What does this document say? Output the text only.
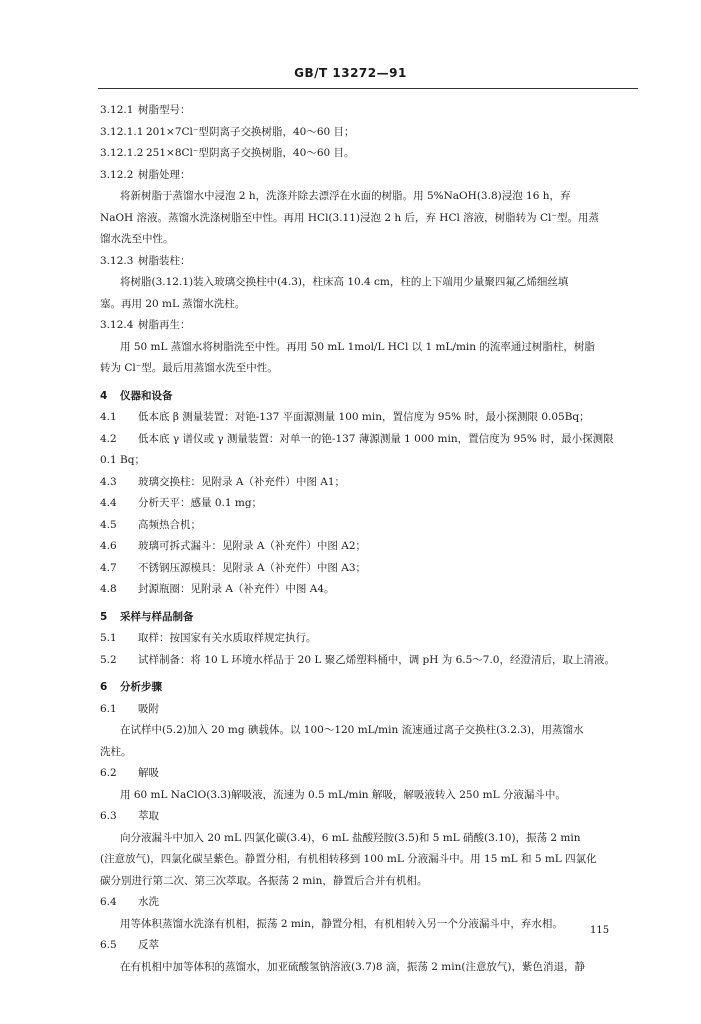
GB/T 13272—91
3.12.1 树脂型号：
3.12.1.1 201×7Cl⁻型阴离子交换树脂，40～60 目；
3.12.1.2 251×8Cl⁻型阴离子交换树脂，40～60 目。
3.12.2 树脂处理：
将新树脂于蒸馏水中浸泡 2 h，洗涤并除去漂浮在水面的树脂。用 5%NaOH(3.8)浸泡 16 h，弃
NaOH 溶液。蒸馏水洗涤树脂至中性。再用 HCl(3.11)浸泡 2 h 后，弃 HCl 溶液，树脂转为 Cl⁻型。用蒸
馏水洗至中性。
3.12.3 树脂装柱：
将树脂(3.12.1)装入玻璃交换柱中(4.3)，柱床高 10.4 cm，柱的上下端用少量聚四氟乙烯细丝填
塞。再用 20 mL 蒸馏水洗柱。
3.12.4 树脂再生：
用 50 mL 蒸馏水将树脂洗至中性。再用 50 mL 1mol/L HCl 以 1 mL/min 的流率通过树脂柱，树脂
转为 Cl⁻型。最后用蒸馏水洗至中性。
4 仪器和设备
4.1 低本底 β 测量装置：对铯-137 平面源测量 100 min，置信度为 95% 时，最小探测限 0.05Bq；
4.2 低本底 γ 谱仪或 γ 测量装置：对单一的铯-137 薄源测量 1 000 min，置信度为 95% 时，最小探测限
0.1 Bq；
4.3 玻璃交换柱：见附录 A（补充件）中图 A1；
4.4 分析天平：感量 0.1 mg；
4.5 高频热合机；
4.6 玻璃可拆式漏斗：见附录 A（补充件）中图 A2；
4.7 不锈钢压源模具：见附录 A（补充件）中图 A3；
4.8 封源瓶圈：见附录 A（补充件）中图 A4。
5 采样与样品制备
5.1 取样：按国家有关水质取样规定执行。
5.2 试样制备：将 10 L 环境水样品于 20 L 聚乙烯塑料桶中，调 pH 为 6.5～7.0，经澄清后，取上清液。
6 分析步骤
6.1 吸附
在试样中(5.2)加入 20 mg 碘载体。以 100～120 mL/min 流速通过离子交换柱(3.2.3)，用蒸馏水
洗柱。
6.2 解吸
用 60 mL NaClO(3.3)解吸液，流速为 0.5 mL/min 解吸，解吸液转入 250 mL 分液漏斗中。
6.3 萃取
向分液漏斗中加入 20 mL 四氯化碳(3.4)，6 mL 盐酸羟胺(3.5)和 5 mL 硝酸(3.10)，振荡 2 min
(注意放气)，四氯化碳呈紫色。静置分相，有机相转移到 100 mL 分液漏斗中。用 15 mL 和 5 mL 四氯化
碳分别进行第二次、第三次萃取。各振荡 2 min，静置后合并有机相。
6.4 水洗
用等体积蒸馏水洗涤有机相，振荡 2 min，静置分相，有机相转入另一个分液漏斗中，弃水相。
6.5 反萃
在有机相中加等体积的蒸馏水，加亚硫酸氢钠溶液(3.7)8 滴，振荡 2 min(注意放气)，紫色消退，静
115
